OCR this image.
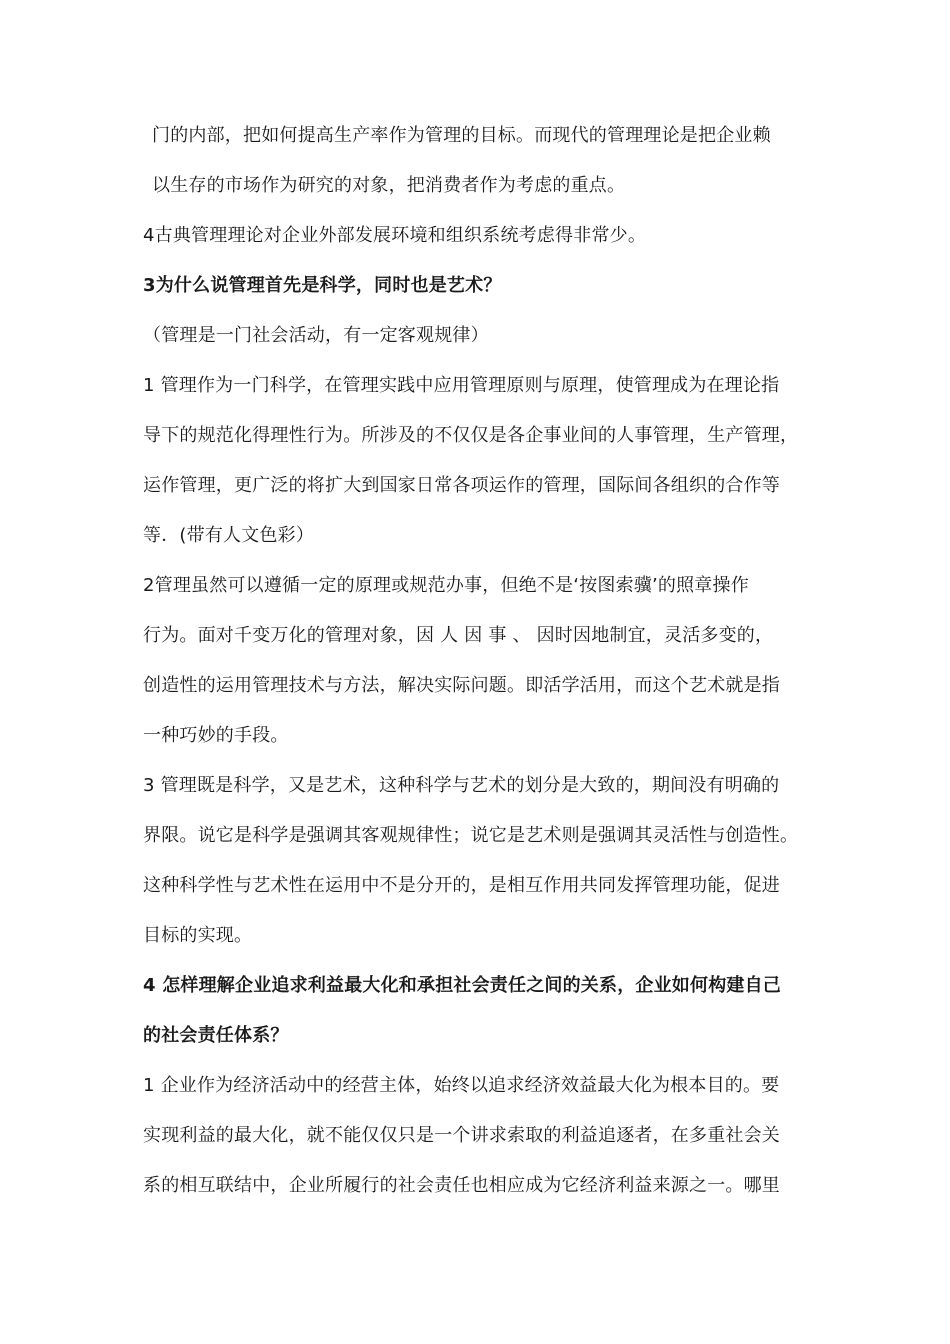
门的内部，把如何提高生产率作为管理的目标。而现代的管理理论是把企业赖
以生存的市场作为研究的对象，把消费者作为考虑的重点。
4古典管理理论对企业外部发展环境和组织系统考虑得非常少。
3为什么说管理首先是科学，同时也是艺术？
（管理是一门社会活动，有一定客观规律）
1 管理作为一门科学，在管理实践中应用管理原则与原理，使管理成为在理论指
导下的规范化得理性行为。所涉及的不仅仅是各企事业间的人事管理，生产管理，
运作管理，更广泛的将扩大到国家日常各项运作的管理，国际间各组织的合作等
等．(带有人文色彩）
2管理虽然可以遵循一定的原理或规范办事，但绝不是‘按图索骥’的照章操作
行为。面对千变万化的管理对象，因 人 因 事 、 因时因地制宜，灵活多变的，
创造性的运用管理技术与方法，解决实际问题。即活学活用，而这个艺术就是指
一种巧妙的手段。
3 管理既是科学，又是艺术，这种科学与艺术的划分是大致的，期间没有明确的
界限。说它是科学是强调其客观规律性；说它是艺术则是强调其灵活性与创造性。
这种科学性与艺术性在运用中不是分开的，是相互作用共同发挥管理功能，促进
目标的实现。
4 怎样理解企业追求利益最大化和承担社会责任之间的关系，企业如何构建自己
的社会责任体系？
1 企业作为经济活动中的经营主体，始终以追求经济效益最大化为根本目的。要
实现利益的最大化，就不能仅仅只是一个讲求索取的利益追逐者，在多重社会关
系的相互联结中，企业所履行的社会责任也相应成为它经济利益来源之一。哪里
